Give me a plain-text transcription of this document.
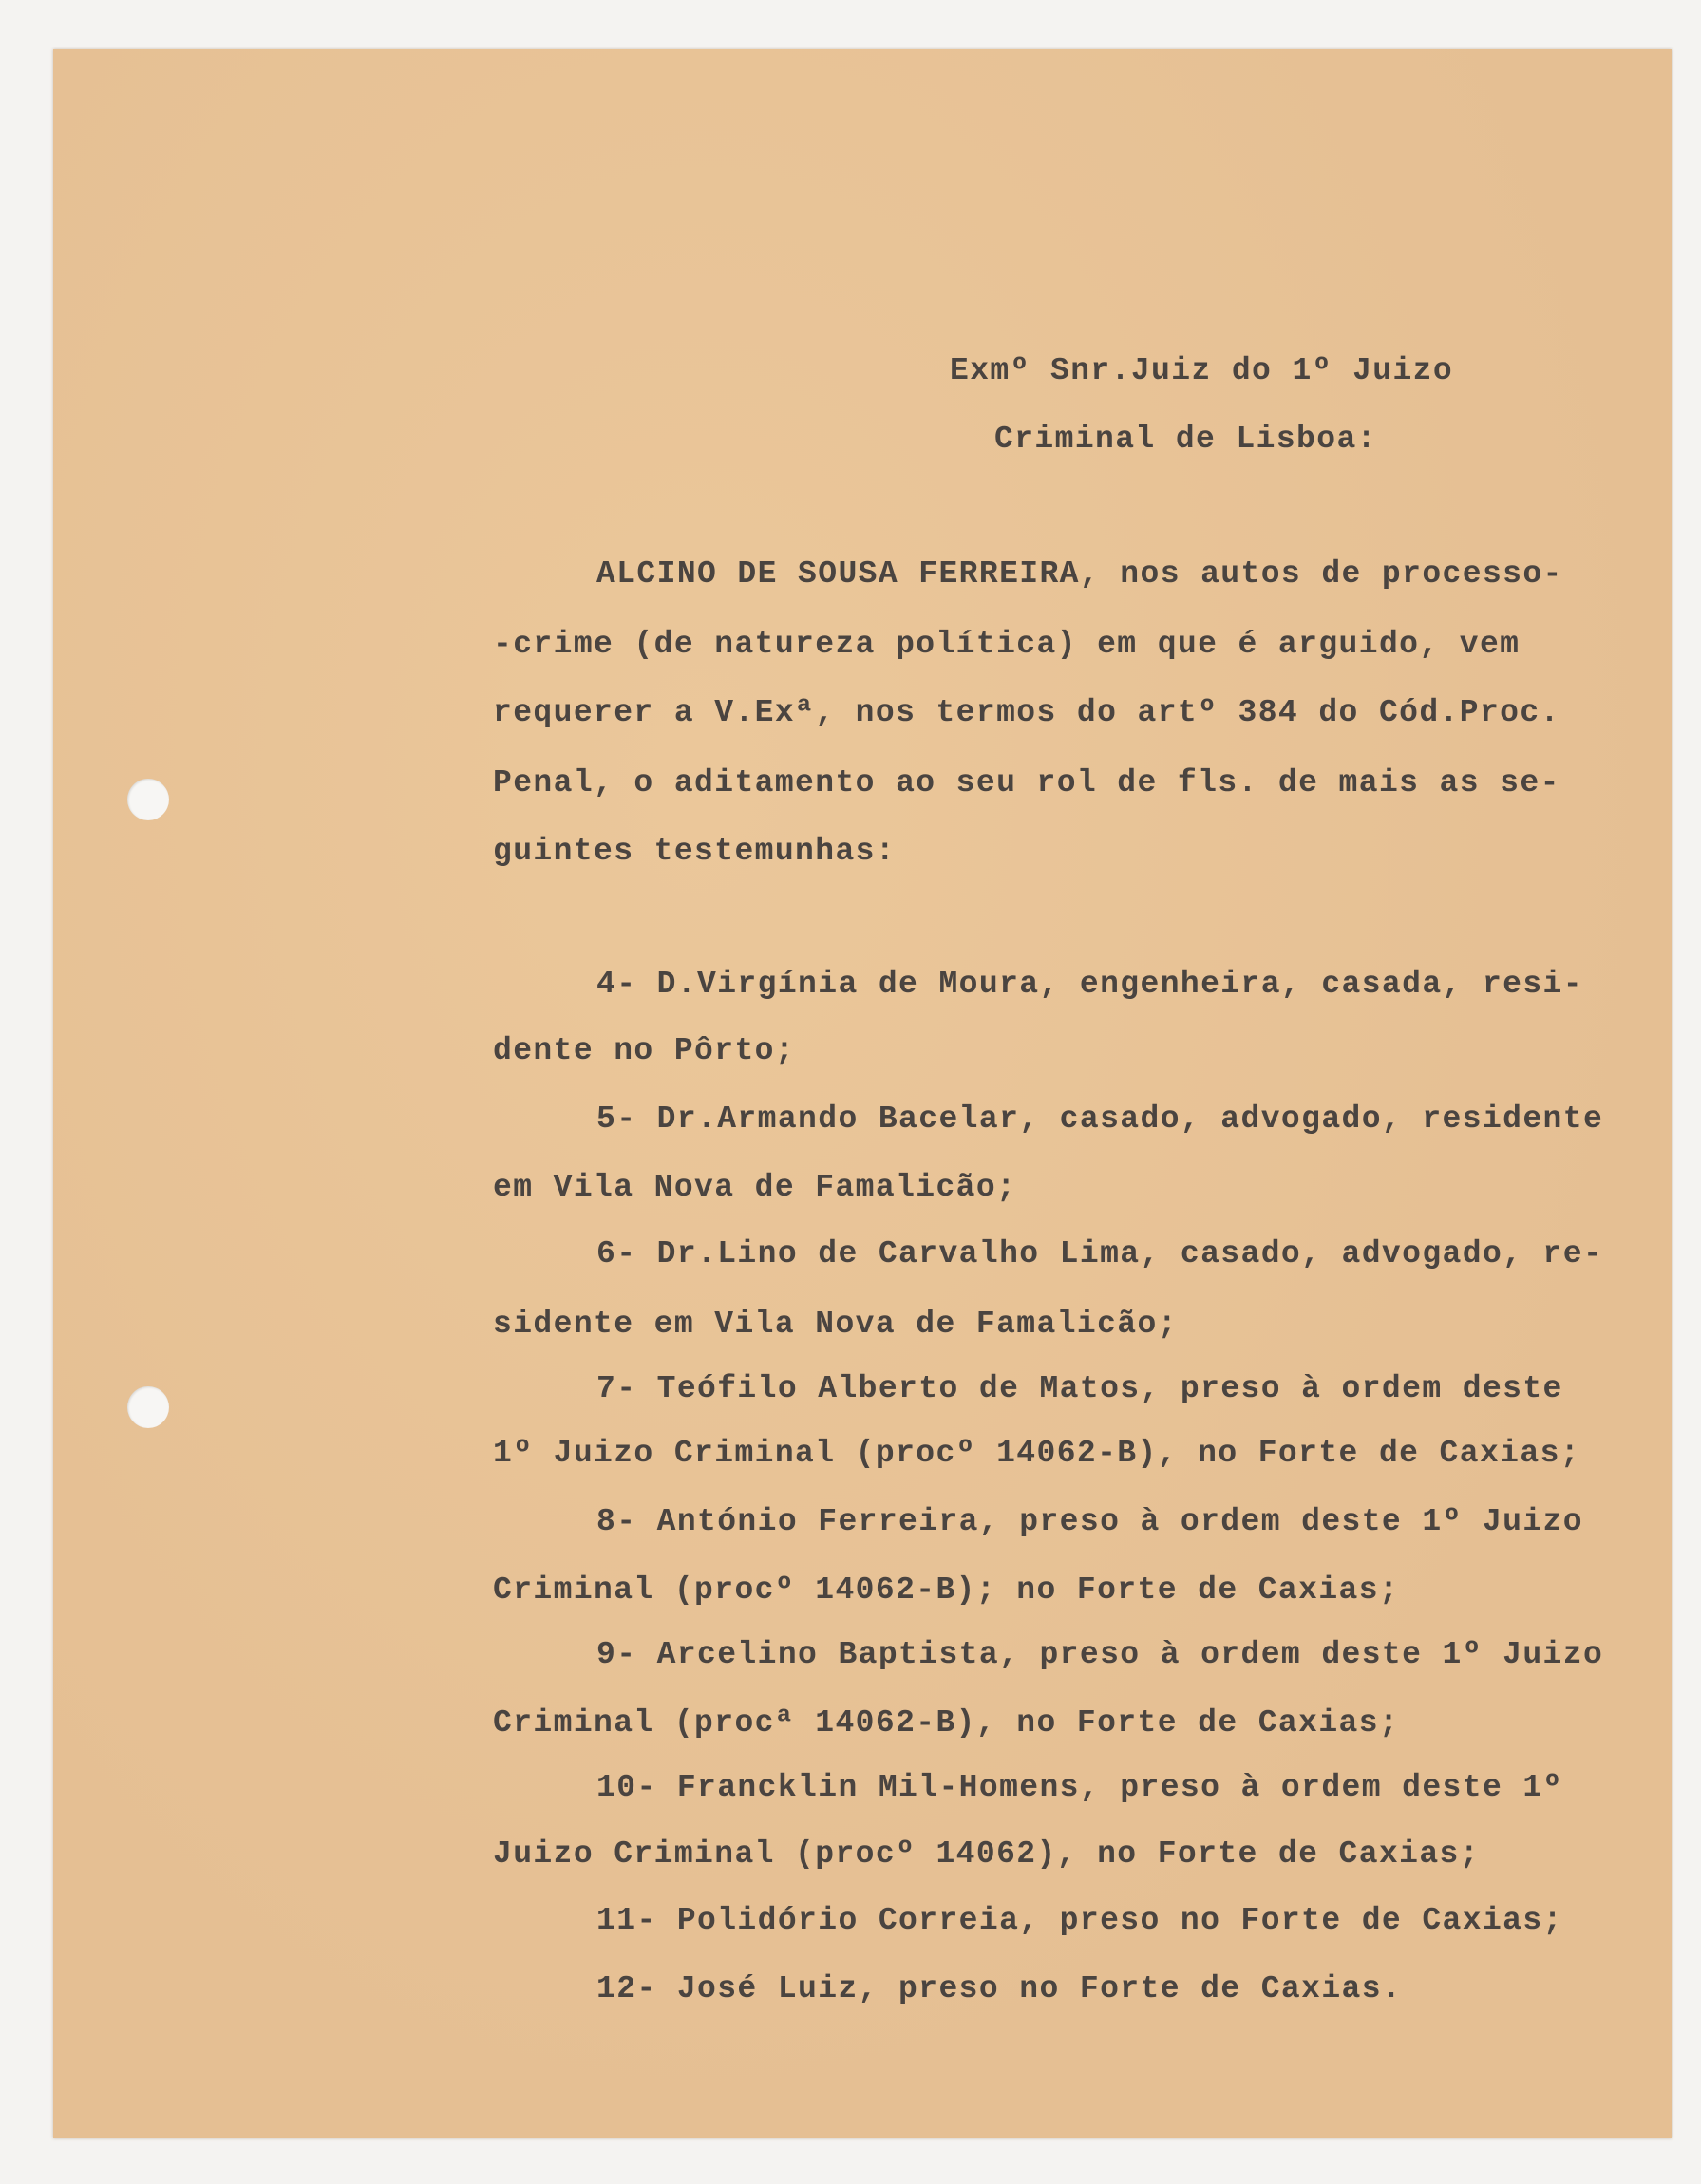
Exmº Snr.Juiz do 1º Juizo

Criminal de Lisboa:

ALCINO DE SOUSA FERREIRA, nos autos de processo-

-crime (de natureza política) em que é arguido, vem

requerer a V.Exª, nos termos do artº 384 do Cód.Proc.

Penal, o aditamento ao seu rol de fls. de mais as se-

guintes testemunhas:

4- D.Virgínia de Moura, engenheira, casada, resi-

dente no Pôrto;

5- Dr.Armando Bacelar, casado, advogado, residente

em Vila Nova de Famalicão;

6- Dr.Lino de Carvalho Lima, casado, advogado, re-

sidente em Vila Nova de Famalicão;

7- Teófilo Alberto de Matos, preso à ordem deste

1º Juizo Criminal (procº 14062-B), no Forte de Caxias;

8- António Ferreira, preso à ordem deste 1º Juizo

Criminal (procº 14062-B); no Forte de Caxias;

9- Arcelino Baptista, preso à ordem deste 1º Juizo

Criminal (procª 14062-B), no Forte de Caxias;

10- Francklin Mil-Homens, preso à ordem deste 1º

Juizo Criminal (procº 14062), no Forte de Caxias;

11- Polidório Correia, preso no Forte de Caxias;

12- José Luiz, preso no Forte de Caxias.
